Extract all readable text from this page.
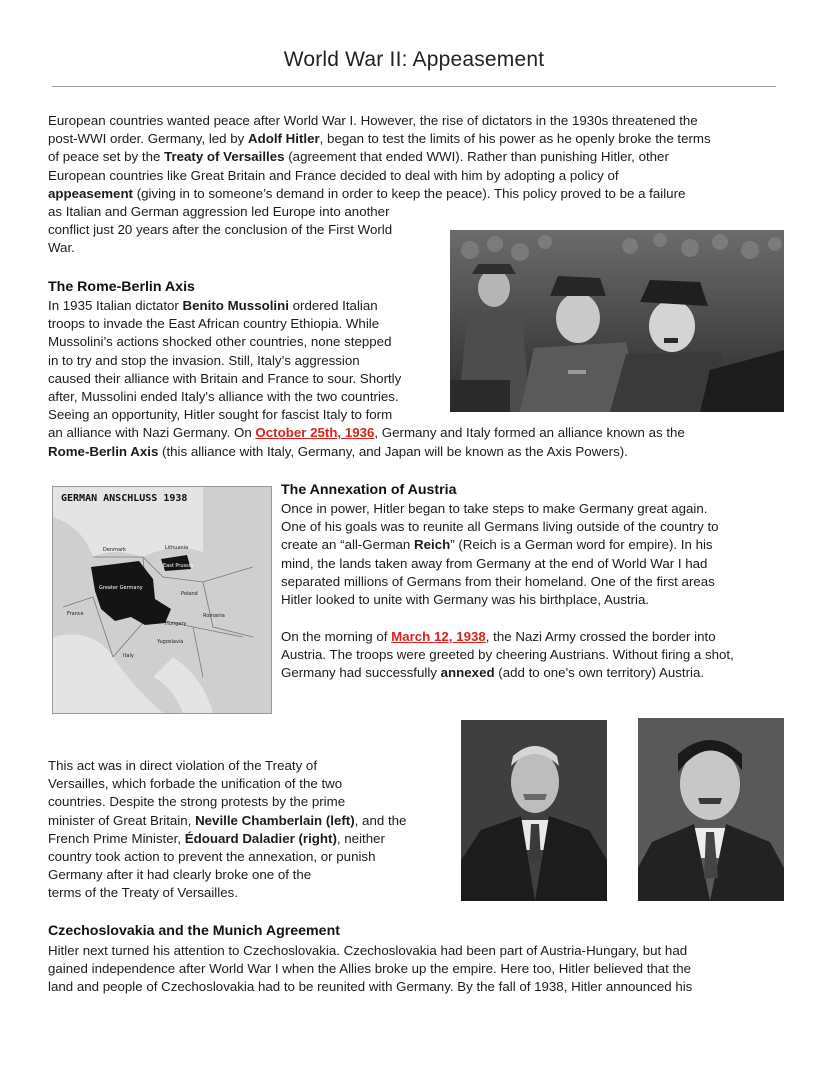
World War II: Appeasement
European countries wanted peace after World War I. However, the rise of dictators in the 1930s threatened the
post-WWI order. Germany, led by Adolf Hitler, began to test the limits of his power as he openly broke the terms
of peace set by the Treaty of Versailles (agreement that ended WWI). Rather than punishing Hitler, other
European countries like Great Britain and France decided to deal with him by adopting a policy of
appeasement (giving in to someone’s demand in order to keep the peace). This policy proved to be a failure
as Italian and German aggression led Europe into another
conflict just 20 years after the conclusion of the First World
War.
The Rome-Berlin Axis
In 1935 Italian dictator Benito Mussolini ordered Italian
troops to invade the East African country Ethiopia. While
Mussolini’s actions shocked other countries, none stepped
in to try and stop the invasion. Still, Italy’s aggression
caused their alliance with Britain and France to sour. Shortly
after, Mussolini ended Italy's alliance with the two countries.
Seeing an opportunity, Hitler sought for fascist Italy to form
an alliance with Nazi Germany. On October 25th, 1936, Germany and Italy formed an alliance known as the
Rome-Berlin Axis (this alliance with Italy, Germany, and Japan will be known as the Axis Powers).
GERMAN ANSCHLUSS 1938
Greater Germany
East Prussia
Poland
Lithuania
Denmark
Italy
Hungary
Yugoslavia
Romania
France
The Annexation of Austria
Once in power, Hitler began to take steps to make Germany great again.
One of his goals was to reunite all Germans living outside of the country to
create an “all-German Reich” (Reich is a German word for empire). In his
mind, the lands taken away from Germany at the end of World War I had
separated millions of Germans from their homeland. One of the first areas
Hitler looked to unite with Germany was his birthplace, Austria.
On the morning of March 12, 1938, the Nazi Army crossed the border into
Austria. The troops were greeted by cheering Austrians. Without firing a shot,
Germany had successfully annexed (add to one's own territory) Austria.
This act was in direct violation of the Treaty of
Versailles, which forbade the unification of the two
countries. Despite the strong protests by the prime
minister of Great Britain, Neville Chamberlain (left), and the
French Prime Minister, Édouard Daladier (right), neither
country took action to prevent the annexation, or punish
Germany after it had clearly broke one of the
terms of the Treaty of Versailles.
Czechoslovakia and the Munich Agreement
Hitler next turned his attention to Czechoslovakia. Czechoslovakia had been part of Austria-Hungary, but had
gained independence after World War I when the Allies broke up the empire. Here too, Hitler believed that the
land and people of Czechoslovakia had to be reunited with Germany. By the fall of 1938, Hitler announced his
